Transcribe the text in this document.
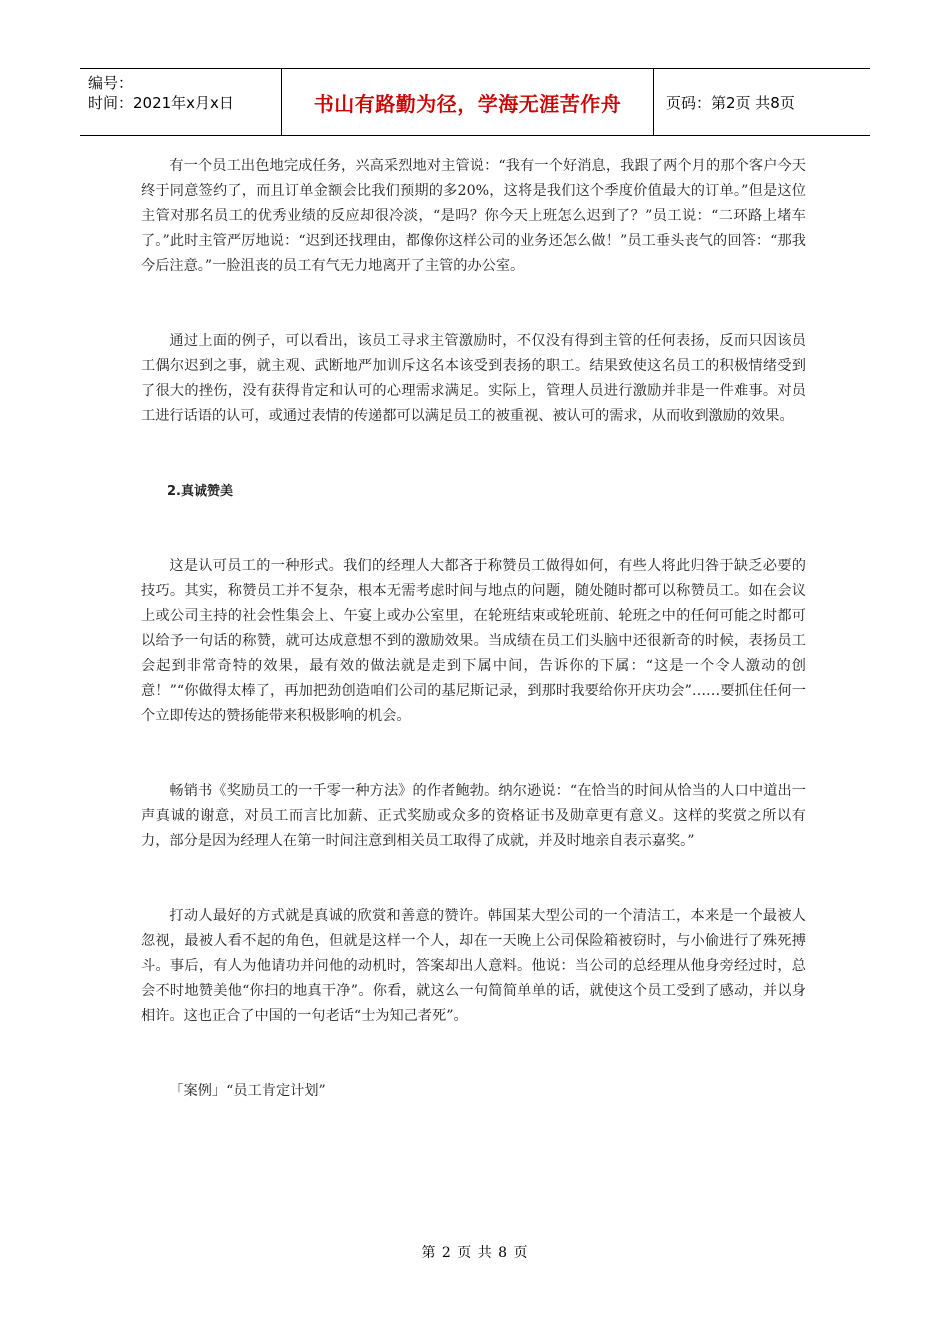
编号：
时间：2021年x月x日	书山有路勤为径，学海无涯苦作舟	页码：第2页 共8页

有一个员工出色地完成任务，兴高采烈地对主管说：“我有一个好消息，我跟了两个月的那个客户今天终于同意签约了，而且订单金额会比我们预期的多20%，这将是我们这个季度价值最大的订单。”但是这位主管对那名员工的优秀业绩的反应却很冷淡，“是吗？你今天上班怎么迟到了？”员工说：“二环路上堵车了。”此时主管严厉地说：“迟到还找理由，都像你这样公司的业务还怎么做！”员工垂头丧气的回答：“那我今后注意。”一脸沮丧的员工有气无力地离开了主管的办公室。

通过上面的例子，可以看出，该员工寻求主管激励时，不仅没有得到主管的任何表扬，反而只因该员工偶尔迟到之事，就主观、武断地严加训斥这名本该受到表扬的职工。结果致使这名员工的积极情绪受到了很大的挫伤，没有获得肯定和认可的心理需求满足。实际上，管理人员进行激励并非是一件难事。对员工进行话语的认可，或通过表情的传递都可以满足员工的被重视、被认可的需求，从而收到激励的效果。

2.真诚赞美

这是认可员工的一种形式。我们的经理人大都吝于称赞员工做得如何，有些人将此归咎于缺乏必要的技巧。其实，称赞员工并不复杂，根本无需考虑时间与地点的问题，随处随时都可以称赞员工。如在会议上或公司主持的社会性集会上、午宴上或办公室里，在轮班结束或轮班前、轮班之中的任何可能之时都可以给予一句话的称赞，就可达成意想不到的激励效果。当成绩在员工们头脑中还很新奇的时候，表扬员工会起到非常奇特的效果，最有效的做法就是走到下属中间，告诉你的下属：“这是一个令人激动的创意！”“你做得太棒了，再加把劲创造咱们公司的基尼斯记录，到那时我要给你开庆功会”……要抓住任何一个立即传达的赞扬能带来积极影响的机会。

畅销书《奖励员工的一千零一种方法》的作者鲍勃。纳尔逊说：“在恰当的时间从恰当的人口中道出一声真诚的谢意，对员工而言比加薪、正式奖励或众多的资格证书及勋章更有意义。这样的奖赏之所以有力，部分是因为经理人在第一时间注意到相关员工取得了成就，并及时地亲自表示嘉奖。”

打动人最好的方式就是真诚的欣赏和善意的赞许。韩国某大型公司的一个清洁工，本来是一个最被人忽视，最被人看不起的角色，但就是这样一个人，却在一天晚上公司保险箱被窃时，与小偷进行了殊死搏斗。事后，有人为他请功并问他的动机时，答案却出人意料。他说：当公司的总经理从他身旁经过时，总会不时地赞美他“你扫的地真干净”。你看，就这么一句简简单单的话，就使这个员工受到了感动，并以身相许。这也正合了中国的一句老话“士为知己者死”。

「案例」“员工肯定计划”

第 2 页 共 8 页
